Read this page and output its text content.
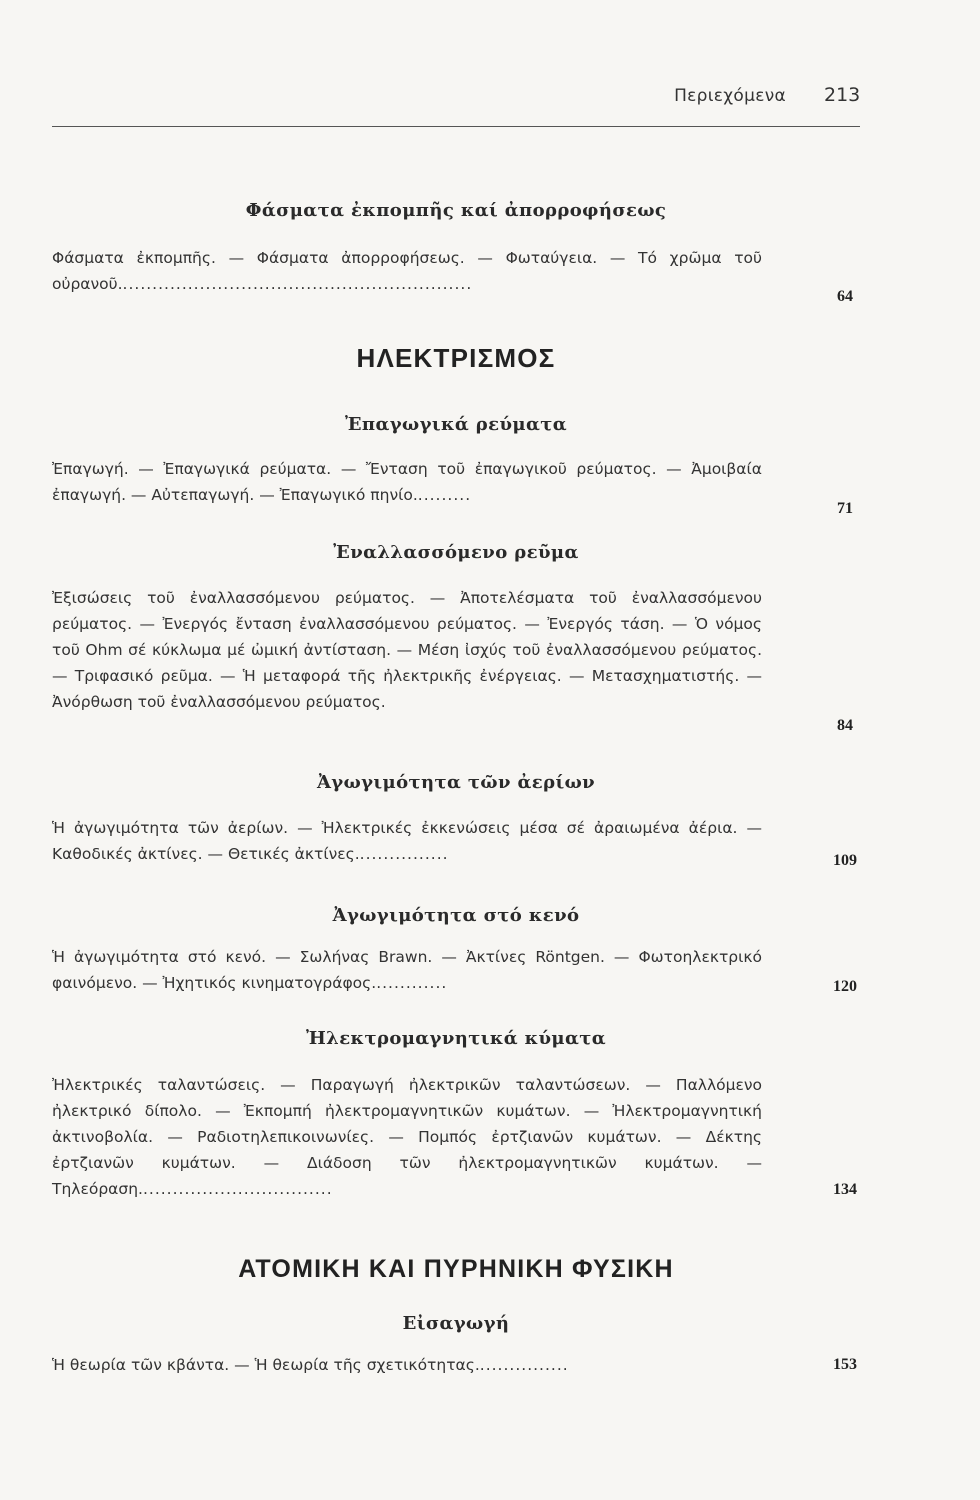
Περιεχόμενα 213
Φάσματα ἐκπομπῆς καί ἀπορροφήσεως
Φάσματα ἐκπομπῆς. — Φάσματα ἀπορροφήσεως. — Φωταύγεια. — Τό χρῶμα τοῦ οὐρανοῦ............................................................
64
ΗΛΕΚΤΡΙΣΜΟΣ
Ἐπαγωγικά ρεύματα
Ἐπαγωγή. — Ἐπαγωγικά ρεύματα. — Ἔνταση τοῦ ἐπαγωγικοῦ ρεύματος. — Ἀμοιβαία ἐπαγωγή. — Αὐτεπαγωγή. — Ἐπαγωγικό πηνίο..........
71
Ἐναλλασσόμενο ρεῦμα
Ἐξισώσεις τοῦ ἐναλλασσόμενου ρεύματος. — Ἀποτελέσματα τοῦ ἐναλλασσόμενου ρεύματος. — Ἐνεργός ἔνταση ἐναλλασσόμενου ρεύματος. — Ἐνεργός τάση. — Ὁ νόμος τοῦ Ohm σέ κύκλωμα μέ ὠμική ἀντίσταση. — Μέση ἰσχύς τοῦ ἐναλλασσόμενου ρεύματος. — Τριφασικό ρεῦμα. — Ἡ μεταφορά τῆς ἠλεκτρικῆς ἐνέργειας. — Μετασχηματιστής. — Ἀνόρθωση τοῦ ἐναλλασσόμενου ρεύματος.
84
Ἀγωγιμότητα τῶν ἀερίων
Ἡ ἀγωγιμότητα τῶν ἀερίων. — Ἠλεκτρικές ἐκκενώσεις μέσα σέ ἀραιωμένα ἀέρια. — Καθοδικές ἀκτίνες. — Θετικές ἀκτίνες................	109
Ἀγωγιμότητα στό κενό
Ἡ ἀγωγιμότητα στό κενό. — Σωλήνας Brawn. — Ἀκτίνες Röntgen. — Φωτοηλεκτρικό φαινόμενο. — Ἠχητικός κινηματογράφος.............	120
Ἠλεκτρομαγνητικά κύματα
Ἠλεκτρικές ταλαντώσεις. — Παραγωγή ἠλεκτρικῶν ταλαντώσεων. — Παλλόμενο ἠλεκτρικό δίπολο. — Ἐκπομπή ἠλεκτρομαγνητικῶν κυμάτων. — Ἠλεκτρομαγνητική ἀκτινοβολία. — Ραδιοτηλεπικοινωνίες. — Πομπός ἐρτζιανῶν κυμάτων. — Δέκτης ἐρτζιανῶν κυμάτων. — Διάδοση τῶν ἠλεκτρομαγνητικῶν κυμάτων. — Τηλεόραση.................................	134
ΑΤΟΜΙΚΗ ΚΑΙ ΠΥΡΗΝΙΚΗ ΦΥΣΙΚΗ
Εἰσαγωγή
Ἡ θεωρία τῶν κβάντα. — Ἡ θεωρία τῆς σχετικότητας................	153
